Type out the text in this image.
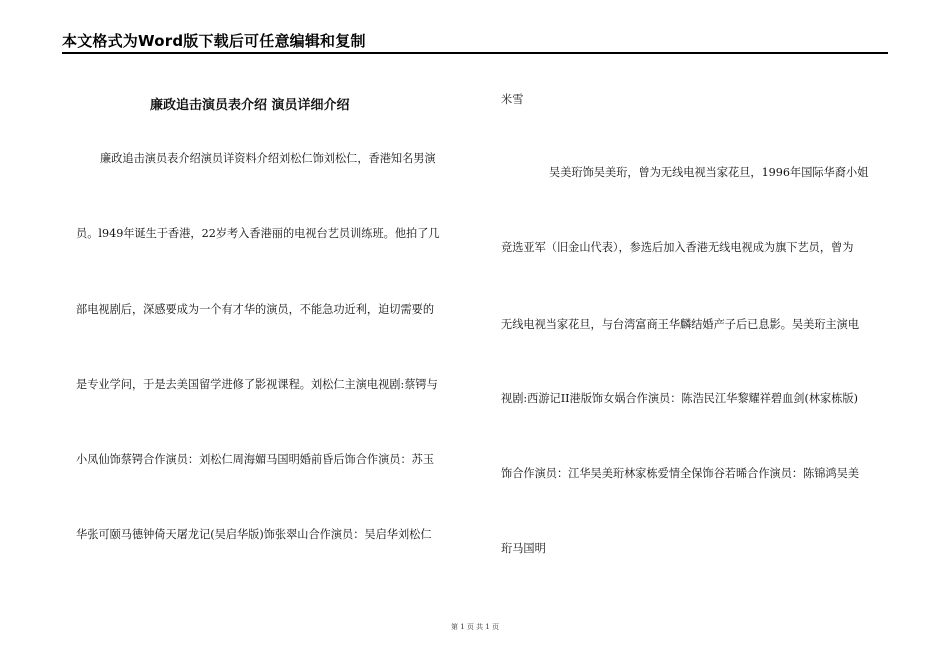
本文格式为Word版下载后可任意编辑和复制
廉政追击演员表介绍 演员详细介绍
廉政追击演员表介绍演员详资料介绍刘松仁饰刘松仁，香港知名男演
员。l949年诞生于香港，22岁考入香港丽的电视台艺员训练班。他拍了几
部电视剧后，深感要成为一个有才华的演员，不能急功近利，迫切需要的
是专业学问，于是去美国留学进修了影视课程。刘松仁主演电视剧:蔡锷与
小凤仙饰蔡锷合作演员：刘松仁周海媚马国明婚前昏后饰合作演员：苏玉
华张可颐马德钟倚天屠龙记(吴启华版)饰张翠山合作演员：吴启华刘松仁
米雪
吴美珩饰吴美珩，曾为无线电视当家花旦，1996年国际华裔小姐
竞选亚军（旧金山代表），参选后加入香港无线电视成为旗下艺员，曾为
无线电视当家花旦，与台湾富商王华麟结婚产子后已息影。吴美珩主演电
视剧:西游记II港版饰女娲合作演员：陈浩民江华黎耀祥碧血剑(林家栋版)
饰合作演员：江华吴美珩林家栋爱情全保饰谷若晞合作演员：陈锦鸿吴美
珩马国明
第 1 页 共 1 页
